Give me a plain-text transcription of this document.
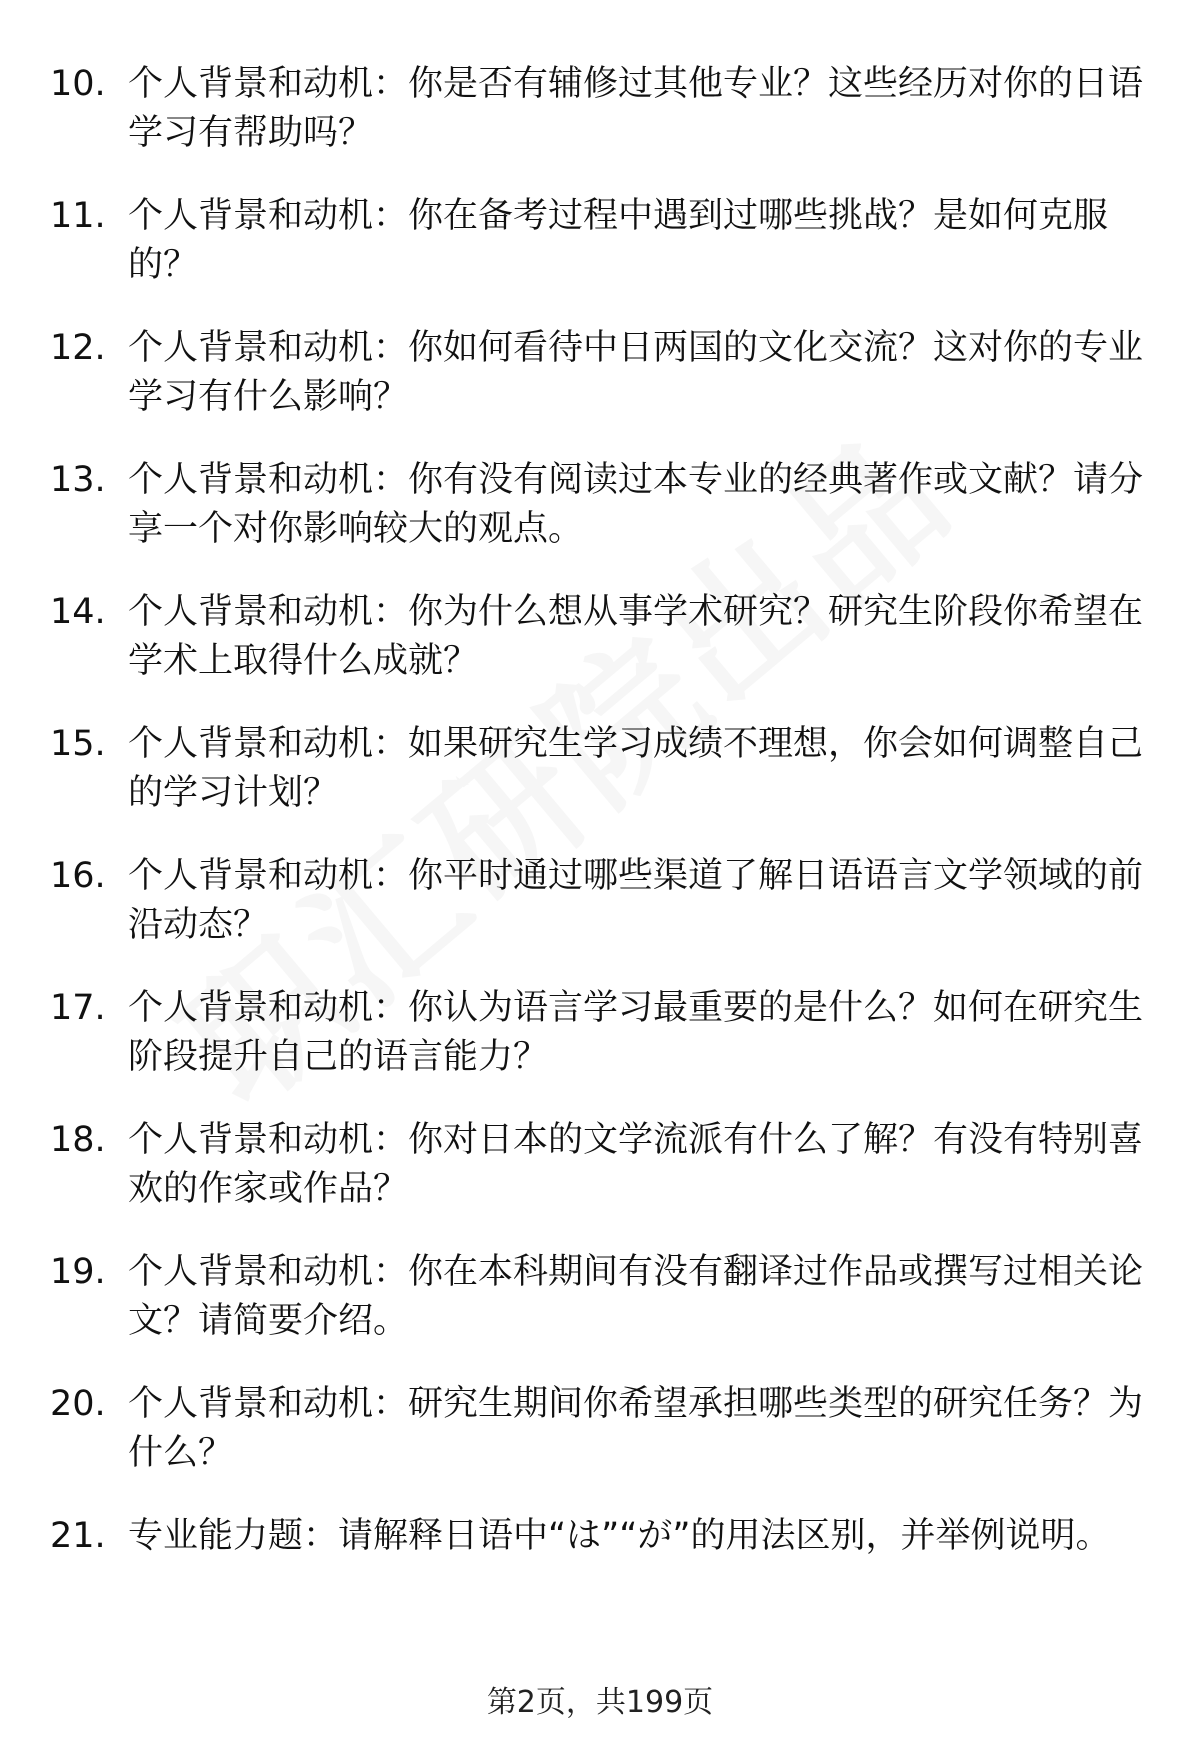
10. 个人背景和动机：你是否有辅修过其他专业？这些经历对你的日语学习有帮助吗？
11. 个人背景和动机：你在备考过程中遇到过哪些挑战？是如何克服的？
12. 个人背景和动机：你如何看待中日两国的文化交流？这对你的专业学习有什么影响？
13. 个人背景和动机：你有没有阅读过本专业的经典著作或文献？请分享一个对你影响较大的观点。
14. 个人背景和动机：你为什么想从事学术研究？研究生阶段你希望在学术上取得什么成就？
15. 个人背景和动机：如果研究生学习成绩不理想，你会如何调整自己的学习计划？
16. 个人背景和动机：你平时通过哪些渠道了解日语语言文学领域的前沿动态？
17. 个人背景和动机：你认为语言学习最重要的是什么？如何在研究生阶段提升自己的语言能力？
18. 个人背景和动机：你对日本的文学流派有什么了解？有没有特别喜欢的作家或作品？
19. 个人背景和动机：你在本科期间有没有翻译过作品或撰写过相关论文？请简要介绍。
20. 个人背景和动机：研究生期间你希望承担哪些类型的研究任务？为什么？
21. 专业能力题：请解释日语中“は”“が”的用法区别，并举例说明。
第2页，共199页
